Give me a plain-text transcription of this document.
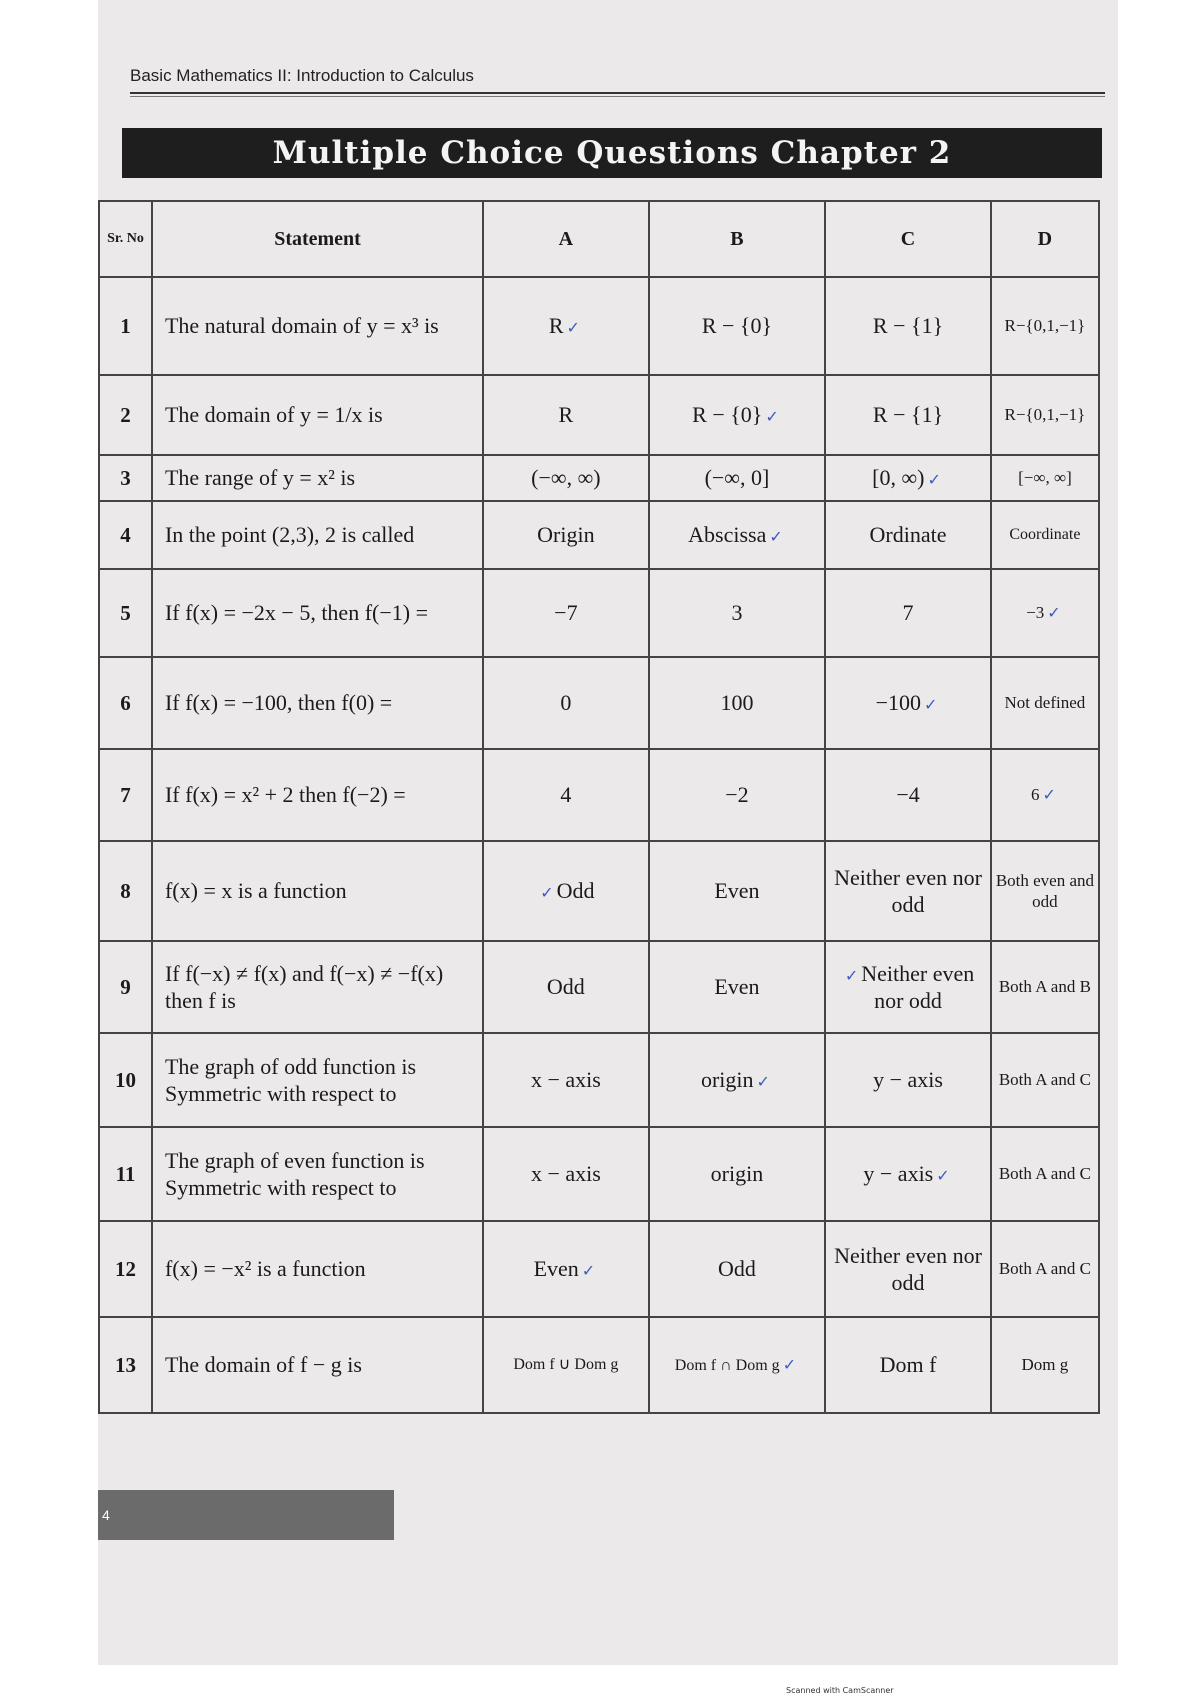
Basic Mathematics II: Introduction to Calculus
Multiple Choice Questions Chapter 2
Sr. No	Statement	A	B	C	D
1	The natural domain of y = x³ is	R ✓	R − {0}	R − {1}	R−{0,1,−1}
2	The domain of y = 1/x is	R	R − {0} ✓	R − {1}	R−{0,1,−1}
3	The range of y = x² is	(−∞, ∞)	(−∞, 0]	[0, ∞) ✓	[−∞, ∞]
4	In the point (2,3), 2 is called	Origin	Abscissa ✓	Ordinate	Coordinate
5	If f(x) = −2x − 5, then f(−1) =	−7	3	7	−3 ✓
6	If f(x) = −100, then f(0) =	0	100	−100 ✓	Not defined
7	If f(x) = x² + 2 then f(−2) =	4	−2	−4	6 ✓
8	f(x) = x is a function	✓ Odd	Even	Neither even nor odd	Both even and odd
9	If f(−x) ≠ f(x) and f(−x) ≠ −f(x) then f is	Odd	Even	✓ Neither even nor odd	Both A and B
10	The graph of odd function is Symmetric with respect to	x − axis	origin ✓	y − axis	Both A and C
11	The graph of even function is Symmetric with respect to	x − axis	origin	y − axis ✓	Both A and C
12	f(x) = −x² is a function	Even ✓	Odd	Neither even nor odd	Both A and C
13	The domain of f − g is	Dom f ∪ Dom g	Dom f ∩ Dom g ✓	Dom f	Dom g
4
Scanned with CamScanner
